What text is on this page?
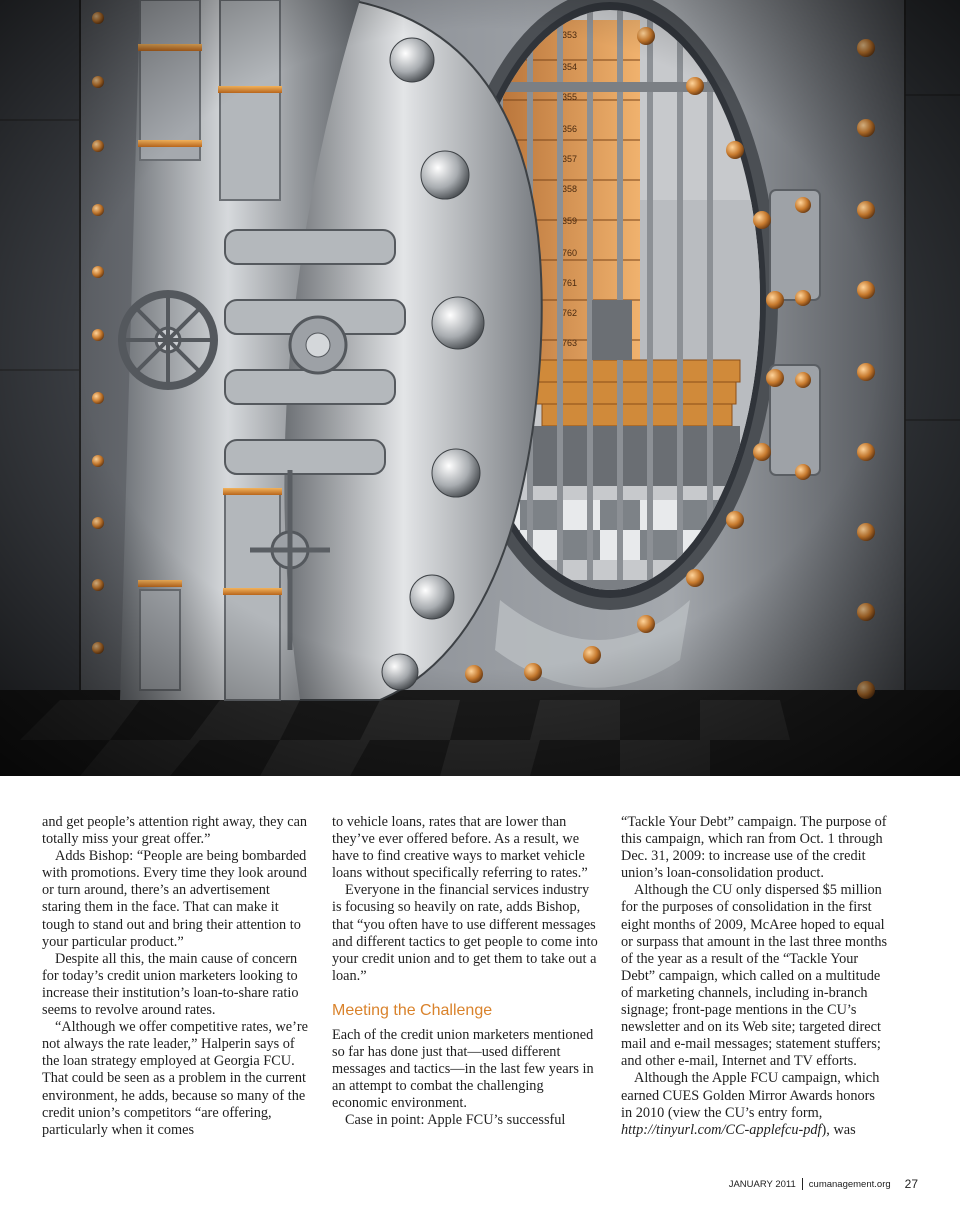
and get people’s attention right away, they can totally miss your great offer.”

Adds Bishop: “People are being bombarded with promotions. Every time they look around or turn around, there’s an advertisement staring them in the face. That can make it tough to stand out and bring their attention to your particular product.”

Despite all this, the main cause of concern for today’s credit union marketers looking to increase their institution’s loan-to-share ratio seems to revolve around rates.

“Although we offer competitive rates, we’re not always the rate leader,” Halperin says of the loan strategy employed at Georgia FCU. That could be seen as a problem in the current environment, he adds, because so many of the credit union’s competitors “are offering, particularly when it comes

to vehicle loans, rates that are lower than they’ve ever offered before. As a result, we have to find creative ways to market vehicle loans without specifically referring to rates.”

Everyone in the financial services industry is focusing so heavily on rate, adds Bishop, that “you often have to use different messages and different tactics to get people to come into your credit union and to get them to take out a loan.”

Meeting the Challenge

Each of the credit union marketers mentioned so far has done just that—used different messages and tactics—in the last few years in an attempt to combat the challenging economic environment.

Case in point: Apple FCU’s successful

“Tackle Your Debt” campaign. The purpose of this campaign, which ran from Oct. 1 through Dec. 31, 2009: to increase use of the credit union’s loan-consolidation product.

Although the CU only dispersed $5 million for the purposes of consolidation in the first eight months of 2009, McAree hoped to equal or surpass that amount in the last three months of the year as a result of the “Tackle Your Debt” campaign, which called on a multitude of marketing channels, including in-branch signage; front-page mentions in the CU’s newsletter and on its Web site; targeted direct mail and e-mail messages; statement stuffers; and other e-mail, Internet and TV efforts.

Although the Apple FCU campaign, which earned CUES Golden Mirror Awards honors in 2010 (view the CU’s entry form, http://tinyurl.com/CC-applefcu-pdf), was

JANUARY 2011 cumanagement.org 27
